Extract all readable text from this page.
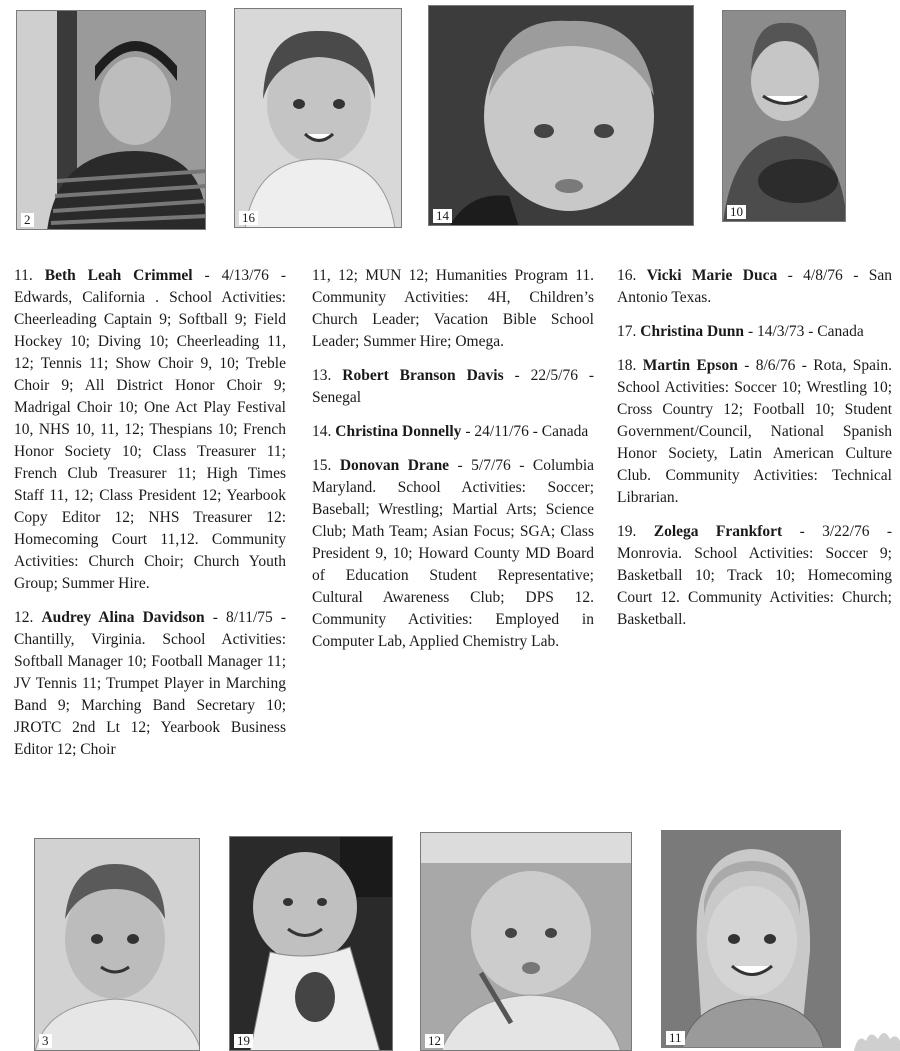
2	16	14	10

11. Beth Leah Crimmel - 4/13/76 - Edwards, California . School Activities: Cheerleading Captain 9; Softball 9; Field Hockey 10; Diving 10; Cheerleading 11, 12; Tennis 11; Show Choir 9, 10; Treble Choir 9; All District Honor Choir 9; Madrigal Choir 10; One Act Play Festival 10, NHS 10, 11, 12; Thespians 10; French Honor Society 10; Class Treasurer 11; French Club Treasurer 11; High Times Staff 11, 12; Class President 12; Yearbook Copy Editor 12; NHS Treasurer 12: Homecoming Court 11,12. Community Activities: Church Choir; Church Youth Group; Summer Hire.

12. Audrey Alina Davidson - 8/11/75 - Chantilly, Virginia. School Activities: Softball Manager 10; Football Manager 11; JV Tennis 11; Trumpet Player in Marching Band 9; Marching Band Secretary 10; JROTC 2nd Lt 12; Yearbook Business Editor 12; Choir

11, 12; MUN 12; Humanities Program 11. Community Activities: 4H, Children’s Church Leader; Vacation Bible School Leader; Summer Hire; Omega.

13. Robert Branson Davis - 22/5/76 - Senegal

14. Christina Donnelly - 24/11/76 - Canada

15. Donovan Drane - 5/7/76 - Columbia Maryland. School Activities: Soccer; Baseball; Wrestling; Martial Arts; Science Club; Math Team; Asian Focus; SGA; Class President 9, 10; Howard County MD Board of Education Student Representative; Cultural Awareness Club; DPS 12. Community Activities: Employed in Computer Lab, Applied Chemistry Lab.

16. Vicki Marie Duca - 4/8/76 - San Antonio Texas.

17. Christina Dunn - 14/3/73 - Canada

18. Martin Epson - 8/6/76 - Rota, Spain. School Activities: Soccer 10; Wrestling 10; Cross Country 12; Football 10; Student Government/Council, National Spanish Honor Society, Latin American Culture Club. Community Activities: Technical Librarian.

19. Zolega Frankfort - 3/22/76 - Monrovia. School Activities: Soccer 9; Basketball 10; Track 10; Homecoming Court 12. Community Activities: Church; Basketball.

3	19	12	11
